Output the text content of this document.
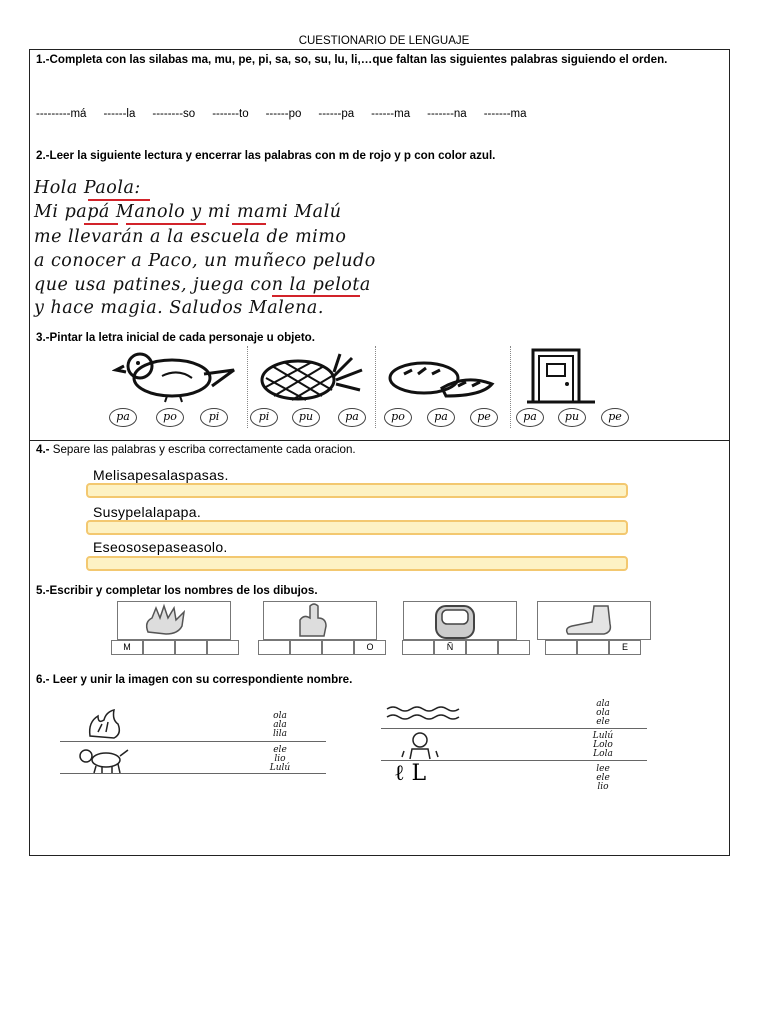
CUESTIONARIO DE LENGUAJE
1.-Completa con las silabas ma, mu, pe, pi, sa, so, su, lu, li,…que faltan las siguientes palabras siguiendo el orden.
---------má ------la --------so -------to ------po ------pa ------ma -------na -------ma
2.-Leer la siguiente lectura y encerrar las palabras con m de rojo y p con color azul.
Hola Paola:
Mi papá Manolo y mi mami Malú
me llevarán a la escuela de mimo
a conocer a Paco, un muñeco peludo
que usa patines, juega con la pelota
y hace magia. Saludos Malena.
3.-Pintar la letra inicial de cada personaje u objeto.
pa	po	pi	pi	pu	pa	po	pa	pe	pa	pu	pe
4.- Separe las palabras y escriba correctamente cada oracion.
Melisapesalaspasas.
Susypelalapapa.
Eseososepaseasolo.
5.-Escribir y completar los nombres de los dibujos.
M	O	Ñ	E
6.- Leer y unir la imagen con su correspondiente nombre.
ola
ala
lila
ele
lio
Lulú
ala
ola
ele
Lulú
Lolo
Lola
ℓ L	lee
ele
lio
